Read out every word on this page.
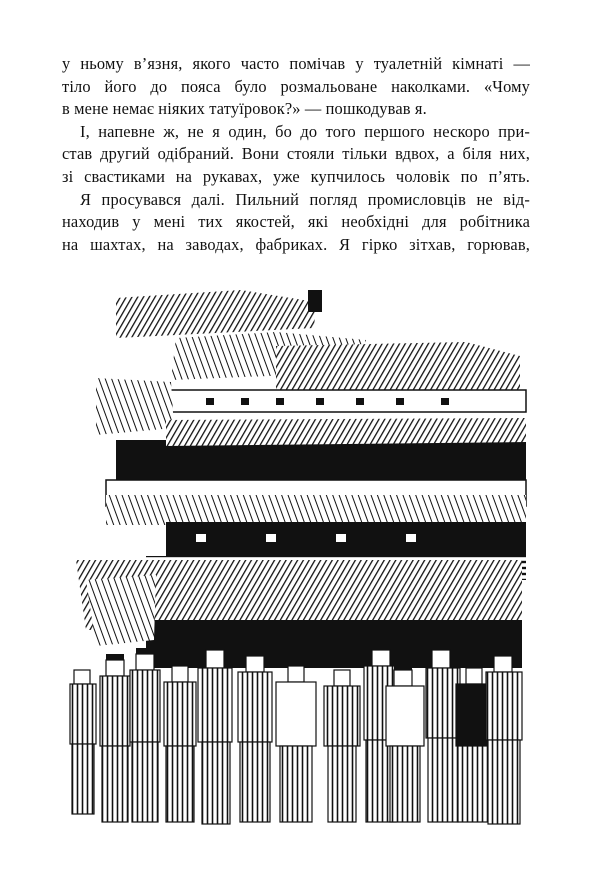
у ньому в’язня, якого часто помічав у туалетній кімнаті —
тіло його до пояса було розмальоване наколками. «Чому
в мене немає ніяких татуїровок?» — пошкодував я.
І, напевне ж, не я один, бо до того першого нескоро при-
став другий одібраний. Вони стояли тільки вдвох, а біля них,
зі свастиками на рукавах, уже купчилось чоловік по п’ять.
Я просувався далі. Пильний погляд промисловців не від-
находив у мені тих якостей, які необхідні для робітника
на шахтах, на заводах, фабриках. Я гірко зітхав, горював,
